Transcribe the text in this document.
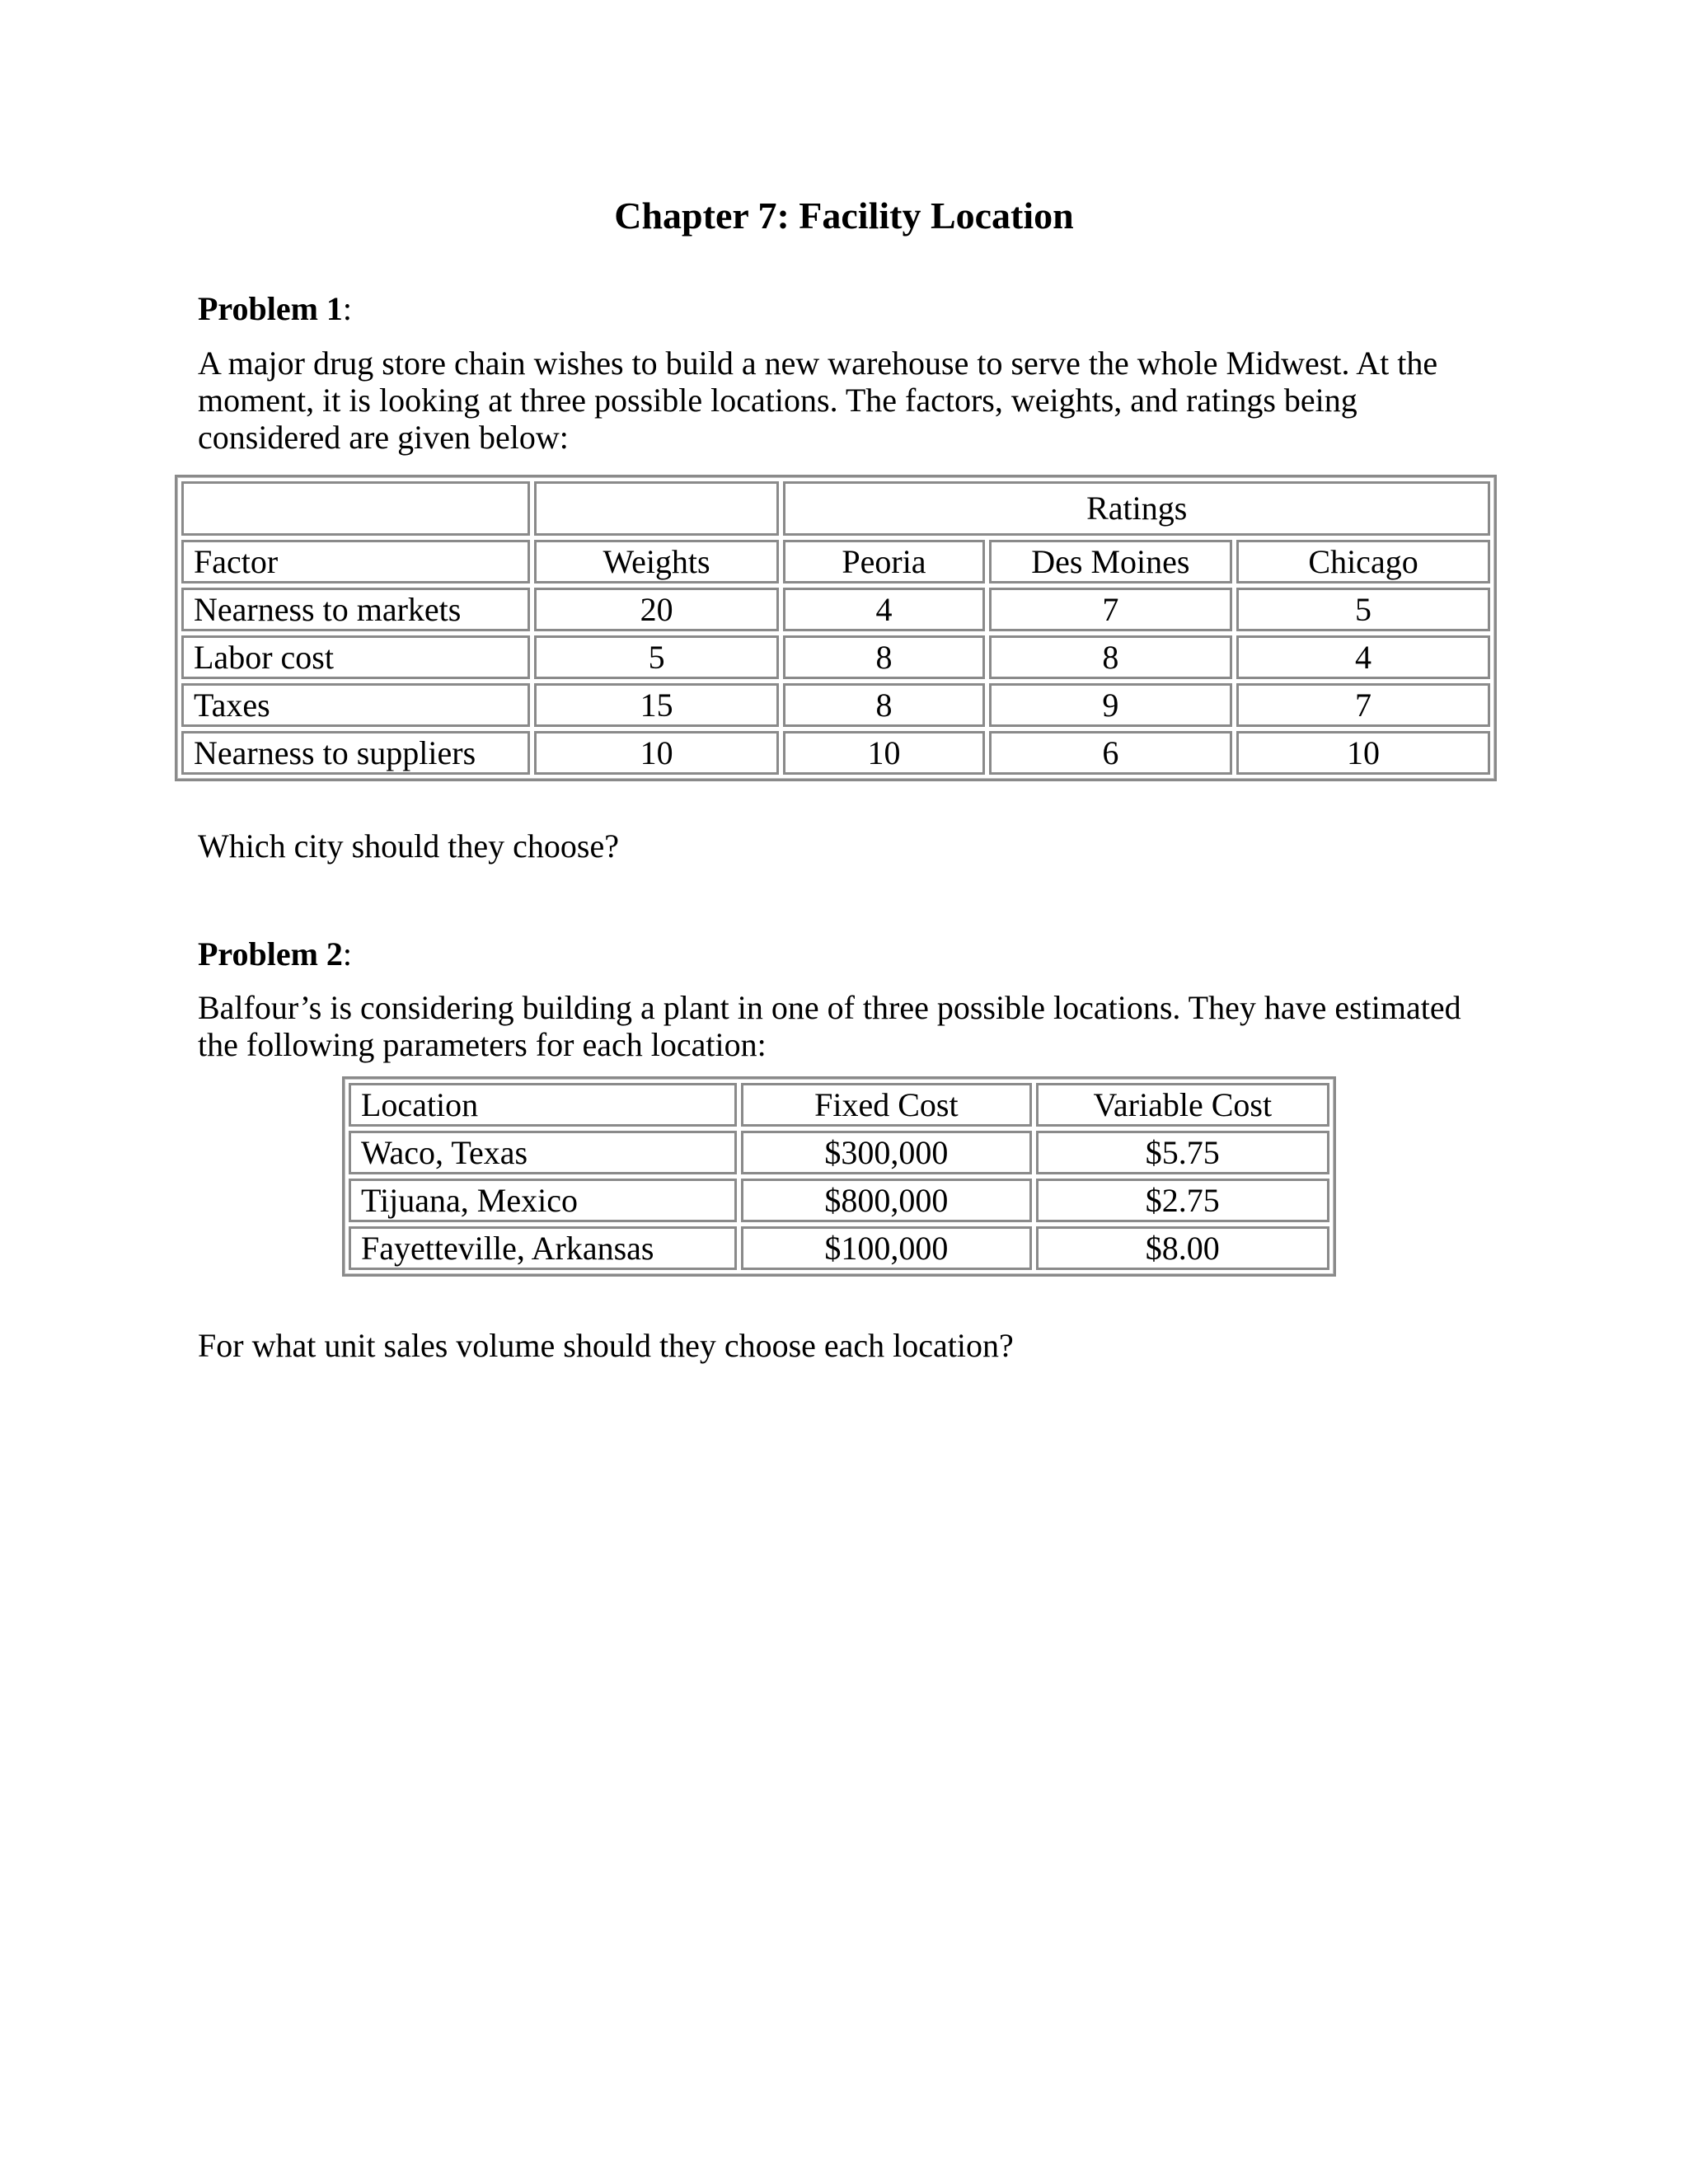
Chapter 7: Facility Location
Problem 1:
A major drug store chain wishes to build a new warehouse to serve the whole Midwest. At the moment, it is looking at three possible locations. The factors, weights, and ratings being considered are given below:
		Ratings		
Factor	Weights	Peoria	Des Moines	Chicago
Nearness to markets	20	4	7	5
Labor cost	5	8	8	4
Taxes	15	8	9	7
Nearness to suppliers	10	10	6	10
Which city should they choose?
Problem 2:
Balfour’s is considering building a plant in one of three possible locations. They have estimated the following parameters for each location:
Location	Fixed Cost	Variable Cost
Waco, Texas	$300,000	$5.75
Tijuana, Mexico	$800,000	$2.75
Fayetteville, Arkansas	$100,000	$8.00
For what unit sales volume should they choose each location?
